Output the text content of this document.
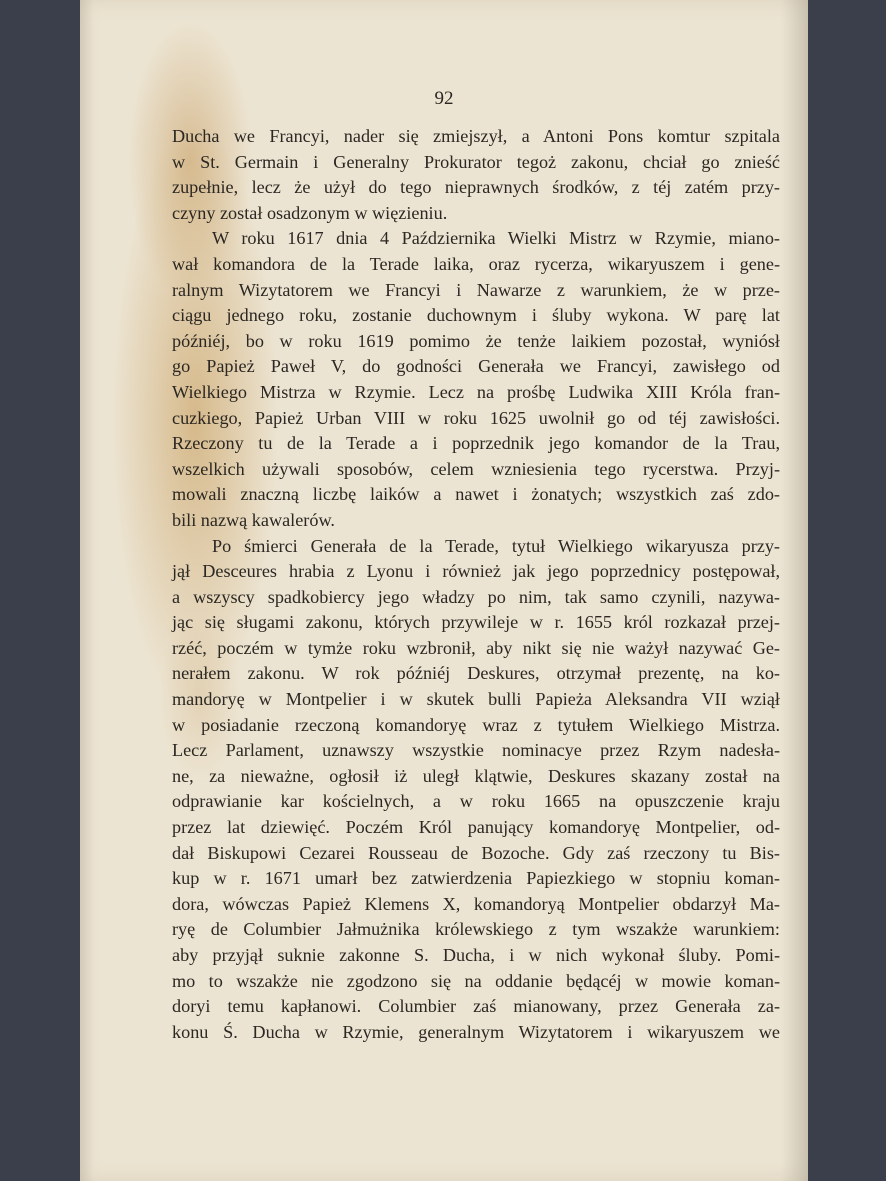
92
Ducha we Francyi, nader się zmiejszył, a Antoni Pons komtur szpitala
w St. Germain i Generalny Prokurator tegoż zakonu, chciał go znieść
zupełnie, lecz że użył do tego nieprawnych środków, z téj zatém przy-
czyny został osadzonym w więzieniu.
W roku 1617 dnia 4 Października Wielki Mistrz w Rzymie, miano-
wał komandora de la Terade laika, oraz rycerza, wikaryuszem i gene-
ralnym Wizytatorem we Francyi i Nawarze z warunkiem, że w prze-
ciągu jednego roku, zostanie duchownym i śluby wykona. W parę lat
późniéj, bo w roku 1619 pomimo że tenże laikiem pozostał, wyniósł
go Papież Paweł V, do godności Generała we Francyi, zawisłego od
Wielkiego Mistrza w Rzymie. Lecz na prośbę Ludwika XIII Króla fran-
cuzkiego, Papież Urban VIII w roku 1625 uwolnił go od téj zawisłości.
Rzeczony tu de la Terade a i poprzednik jego komandor de la Trau,
wszelkich używali sposobów, celem wzniesienia tego rycerstwa. Przyj-
mowali znaczną liczbę laików a nawet i żonatych; wszystkich zaś zdo-
bili nazwą kawalerów.
Po śmierci Generała de la Terade, tytuł Wielkiego wikaryusza przy-
jął Desceures hrabia z Lyonu i również jak jego poprzednicy postępował,
a wszyscy spadkobiercy jego władzy po nim, tak samo czynili, nazywa-
jąc się sługami zakonu, których przywileje w r. 1655 król rozkazał przej-
rzéć, poczém w tymże roku wzbronił, aby nikt się nie ważył nazywać Ge-
nerałem zakonu. W rok późniéj Deskures, otrzymał prezentę, na ko-
mandoryę w Montpelier i w skutek bulli Papieża Aleksandra VII wziął
w posiadanie rzeczoną komandoryę wraz z tytułem Wielkiego Mistrza.
Lecz Parlament, uznawszy wszystkie nominacye przez Rzym nadesła-
ne, za nieważne, ogłosił iż uległ klątwie, Deskures skazany został na
odprawianie kar kościelnych, a w roku 1665 na opuszczenie kraju
przez lat dziewięć. Poczém Król panujący komandoryę Montpelier, od-
dał Biskupowi Cezarei Rousseau de Bozoche. Gdy zaś rzeczony tu Bis-
kup w r. 1671 umarł bez zatwierdzenia Papiezkiego w stopniu koman-
dora, wówczas Papież Klemens X, komandoryą Montpelier obdarzył Ma-
ryę de Columbier Jałmużnika królewskiego z tym wszakże warunkiem:
aby przyjął suknie zakonne S. Ducha, i w nich wykonał śluby. Pomi-
mo to wszakże nie zgodzono się na oddanie będącéj w mowie koman-
doryi temu kapłanowi. Columbier zaś mianowany, przez Generała za-
konu Ś. Ducha w Rzymie, generalnym Wizytatorem i wikaryuszem we
